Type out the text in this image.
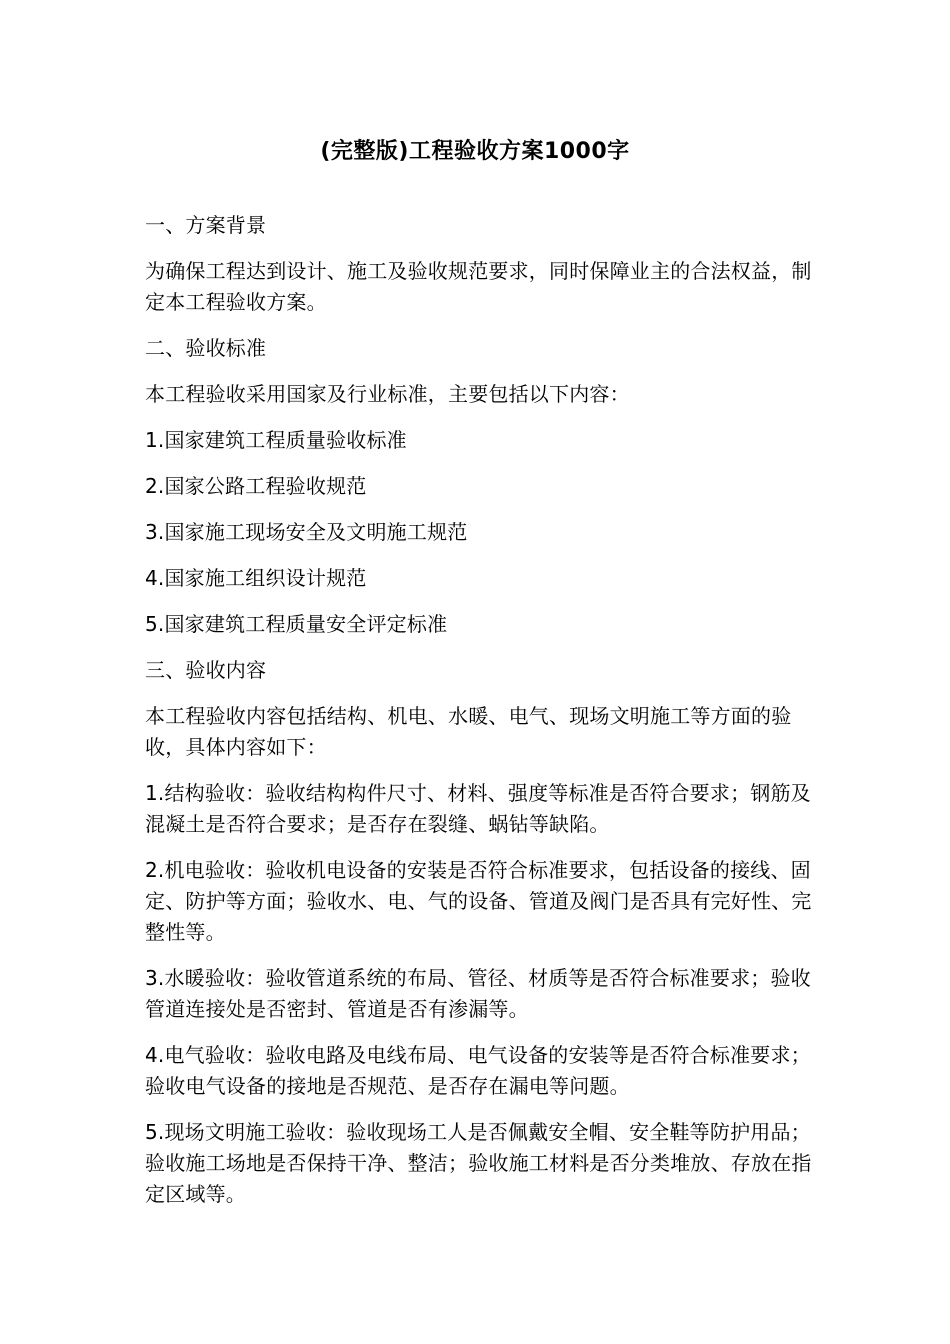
(完整版)工程验收方案1000字

一、方案背景

为确保工程达到设计、施工及验收规范要求，同时保障业主的合法权益，制定本工程验收方案。

二、验收标准

本工程验收采用国家及行业标准，主要包括以下内容：

1.国家建筑工程质量验收标准

2.国家公路工程验收规范

3.国家施工现场安全及文明施工规范

4.国家施工组织设计规范

5.国家建筑工程质量安全评定标准

三、验收内容

本工程验收内容包括结构、机电、水暖、电气、现场文明施工等方面的验收，具体内容如下：

1.结构验收：验收结构构件尺寸、材料、强度等标准是否符合要求；钢筋及混凝土是否符合要求；是否存在裂缝、蜗钻等缺陷。

2.机电验收：验收机电设备的安装是否符合标准要求，包括设备的接线、固定、防护等方面；验收水、电、气的设备、管道及阀门是否具有完好性、完整性等。

3.水暖验收：验收管道系统的布局、管径、材质等是否符合标准要求；验收管道连接处是否密封、管道是否有渗漏等。

4.电气验收：验收电路及电线布局、电气设备的安装等是否符合标准要求；验收电气设备的接地是否规范、是否存在漏电等问题。

5.现场文明施工验收：验收现场工人是否佩戴安全帽、安全鞋等防护用品；验收施工场地是否保持干净、整洁；验收施工材料是否分类堆放、存放在指定区域等。
